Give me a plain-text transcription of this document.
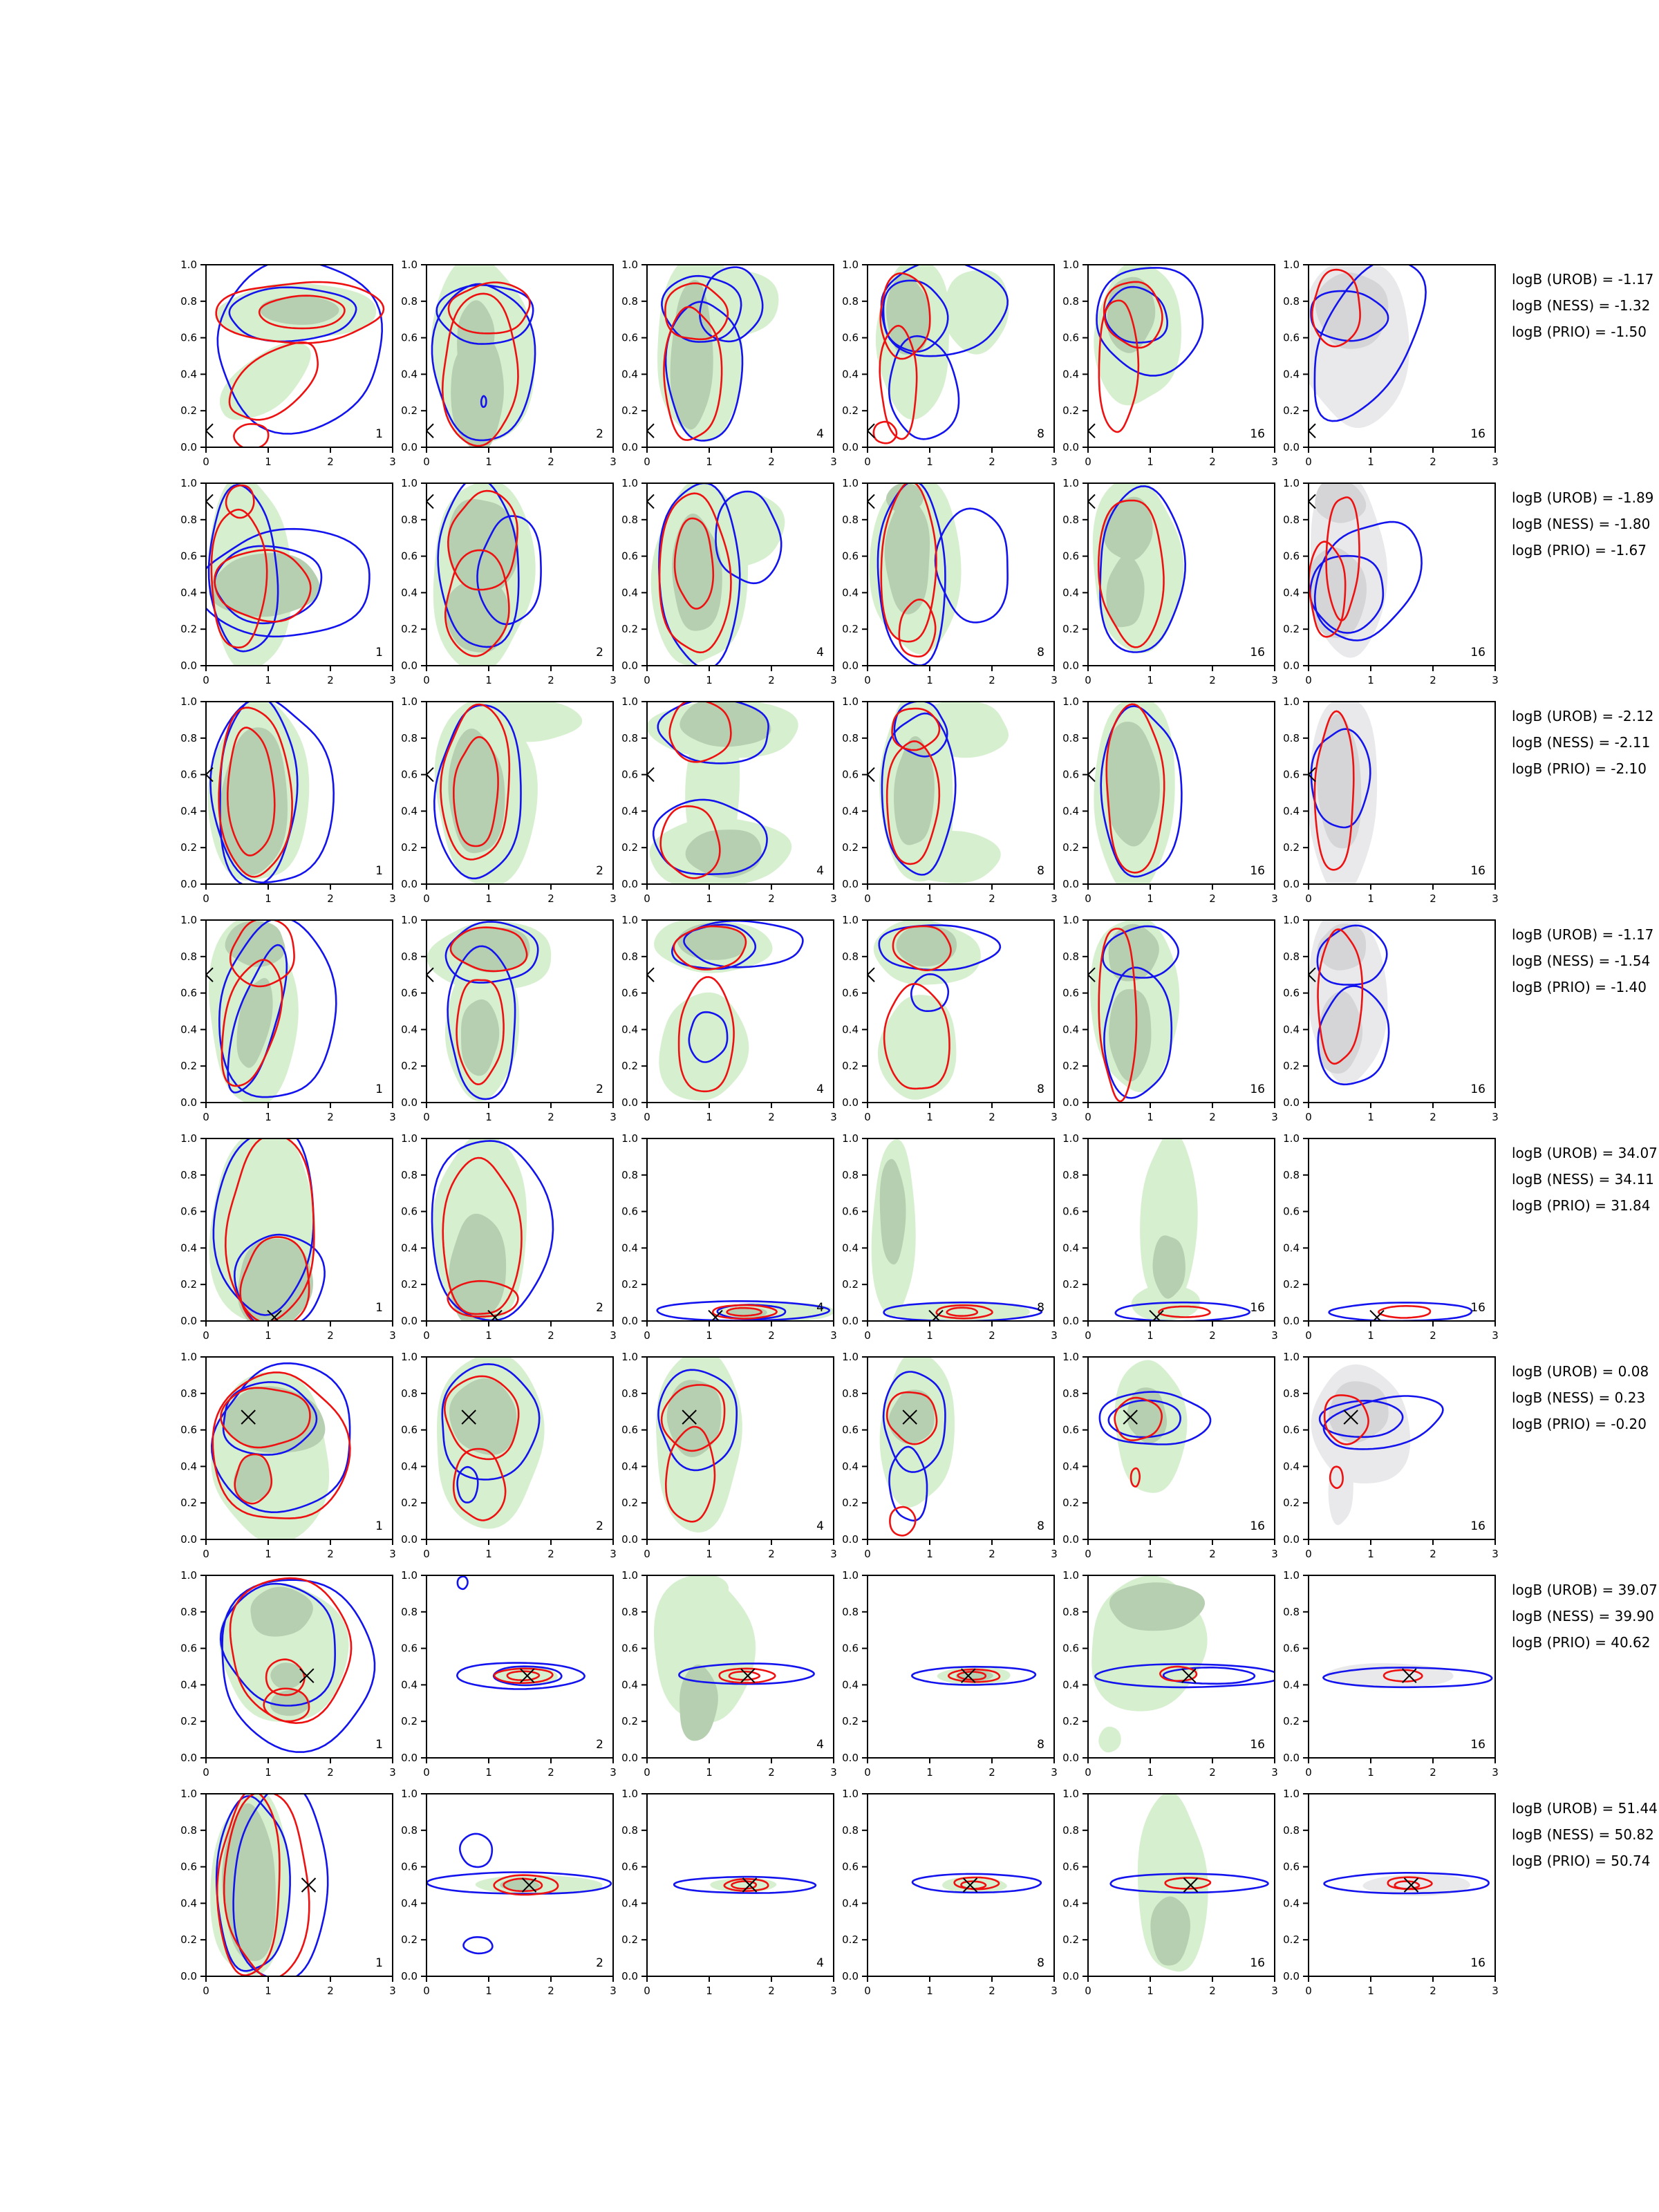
0	1	2	3
0.0
0.2
0.4
0.6
0.8
1.0
1
0	1	2	3
0.0
0.2
0.4
0.6
0.8
1.0
2
0	1	2	3
0.0
0.2
0.4
0.6
0.8
1.0
4
0	1	2	3
0.0
0.2
0.4
0.6
0.8
1.0
8
0	1	2	3
0.0
0.2
0.4
0.6
0.8
1.0
16
0	1	2	3
0.0
0.2
0.4
0.6
0.8
1.0
16
logB (UROB) = -1.17
logB (NESS) = -1.32
logB (PRIO) = -1.50
0	1	2	3
0.0
0.2
0.4
0.6
0.8
1.0
1
0	1	2	3
0.0
0.2
0.4
0.6
0.8
1.0
2
0	1	2	3
0.0
0.2
0.4
0.6
0.8
1.0
4
0	1	2	3
0.0
0.2
0.4
0.6
0.8
1.0
8
0	1	2	3
0.0
0.2
0.4
0.6
0.8
1.0
16
0	1	2	3
0.0
0.2
0.4
0.6
0.8
1.0
16
logB (UROB) = -1.89
logB (NESS) = -1.80
logB (PRIO) = -1.67
0	1	2	3
0.0
0.2
0.4
0.6
0.8
1.0
1
0	1	2	3
0.0
0.2
0.4
0.6
0.8
1.0
2
0	1	2	3
0.0
0.2
0.4
0.6
0.8
1.0
4
0	1	2	3
0.0
0.2
0.4
0.6
0.8
1.0
8
0	1	2	3
0.0
0.2
0.4
0.6
0.8
1.0
16
0	1	2	3
0.0
0.2
0.4
0.6
0.8
1.0
16
logB (UROB) = -2.12
logB (NESS) = -2.11
logB (PRIO) = -2.10
0	1	2	3
0.0
0.2
0.4
0.6
0.8
1.0
1
0	1	2	3
0.0
0.2
0.4
0.6
0.8
1.0
2
0	1	2	3
0.0
0.2
0.4
0.6
0.8
1.0
4
0	1	2	3
0.0
0.2
0.4
0.6
0.8
1.0
8
0	1	2	3
0.0
0.2
0.4
0.6
0.8
1.0
16
0	1	2	3
0.0
0.2
0.4
0.6
0.8
1.0
16
logB (UROB) = -1.17
logB (NESS) = -1.54
logB (PRIO) = -1.40
0	1	2	3
0.0
0.2
0.4
0.6
0.8
1.0
1
0	1	2	3
0.0
0.2
0.4
0.6
0.8
1.0
2
0	1	2	3
0.0
0.2
0.4
0.6
0.8
1.0
4
0	1	2	3
0.0
0.2
0.4
0.6
0.8
1.0
8
0	1	2	3
0.0
0.2
0.4
0.6
0.8
1.0
16
0	1	2	3
0.0
0.2
0.4
0.6
0.8
1.0
16
logB (UROB) = 34.07
logB (NESS) = 34.11
logB (PRIO) = 31.84
0	1	2	3
0.0
0.2
0.4
0.6
0.8
1.0
1
0	1	2	3
0.0
0.2
0.4
0.6
0.8
1.0
2
0	1	2	3
0.0
0.2
0.4
0.6
0.8
1.0
4
0	1	2	3
0.0
0.2
0.4
0.6
0.8
1.0
8
0	1	2	3
0.0
0.2
0.4
0.6
0.8
1.0
16
0	1	2	3
0.0
0.2
0.4
0.6
0.8
1.0
16
logB (UROB) = 0.08
logB (NESS) = 0.23
logB (PRIO) = -0.20
0	1	2	3
0.0
0.2
0.4
0.6
0.8
1.0
1
0	1	2	3
0.0
0.2
0.4
0.6
0.8
1.0
2
0	1	2	3
0.0
0.2
0.4
0.6
0.8
1.0
4
0	1	2	3
0.0
0.2
0.4
0.6
0.8
1.0
8
0	1	2	3
0.0
0.2
0.4
0.6
0.8
1.0
16
0	1	2	3
0.0
0.2
0.4
0.6
0.8
1.0
16
logB (UROB) = 39.07
logB (NESS) = 39.90
logB (PRIO) = 40.62
0	1	2	3
0.0
0.2
0.4
0.6
0.8
1.0
1
0	1	2	3
0.0
0.2
0.4
0.6
0.8
1.0
2
0	1	2	3
0.0
0.2
0.4
0.6
0.8
1.0
4
0	1	2	3
0.0
0.2
0.4
0.6
0.8
1.0
8
0	1	2	3
0.0
0.2
0.4
0.6
0.8
1.0
16
0	1	2	3
0.0
0.2
0.4
0.6
0.8
1.0
16
logB (UROB) = 51.44
logB (NESS) = 50.82
logB (PRIO) = 50.74
